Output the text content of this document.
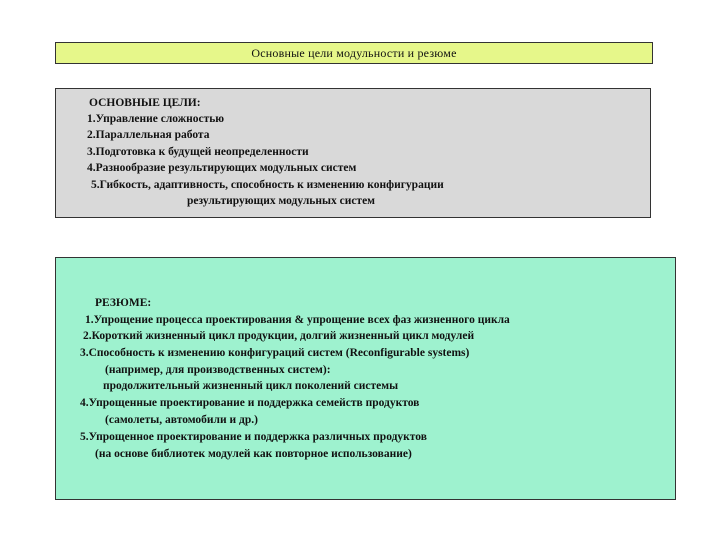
Основные цели модульности и резюме
ОСНОВНЫЕ ЦЕЛИ:
1.Управление сложностью
2.Параллельная работа
3.Подготовка к будущей неопределенности
4.Разнообразие результирующих модульных систем
5.Гибкость, адаптивность, способность к изменению конфигурации
результирующих модульных систем
РЕЗЮМЕ:
1.Упрощение процесса проектирования & упрощение всех фаз жизненного цикла
2.Короткий жизненный цикл продукции, долгий жизненный цикл модулей
3.Способность к изменению конфигураций систем (Reconfigurable systems)
(например, для производственных систем):
продолжительный жизненный цикл поколений системы
4.Упрощенные проектирование и поддержка семейств продуктов
(самолеты, автомобили и др.)
5.Упрощенное проектирование и поддержка различных продуктов
(на основе библиотек модулей как повторное использование)
